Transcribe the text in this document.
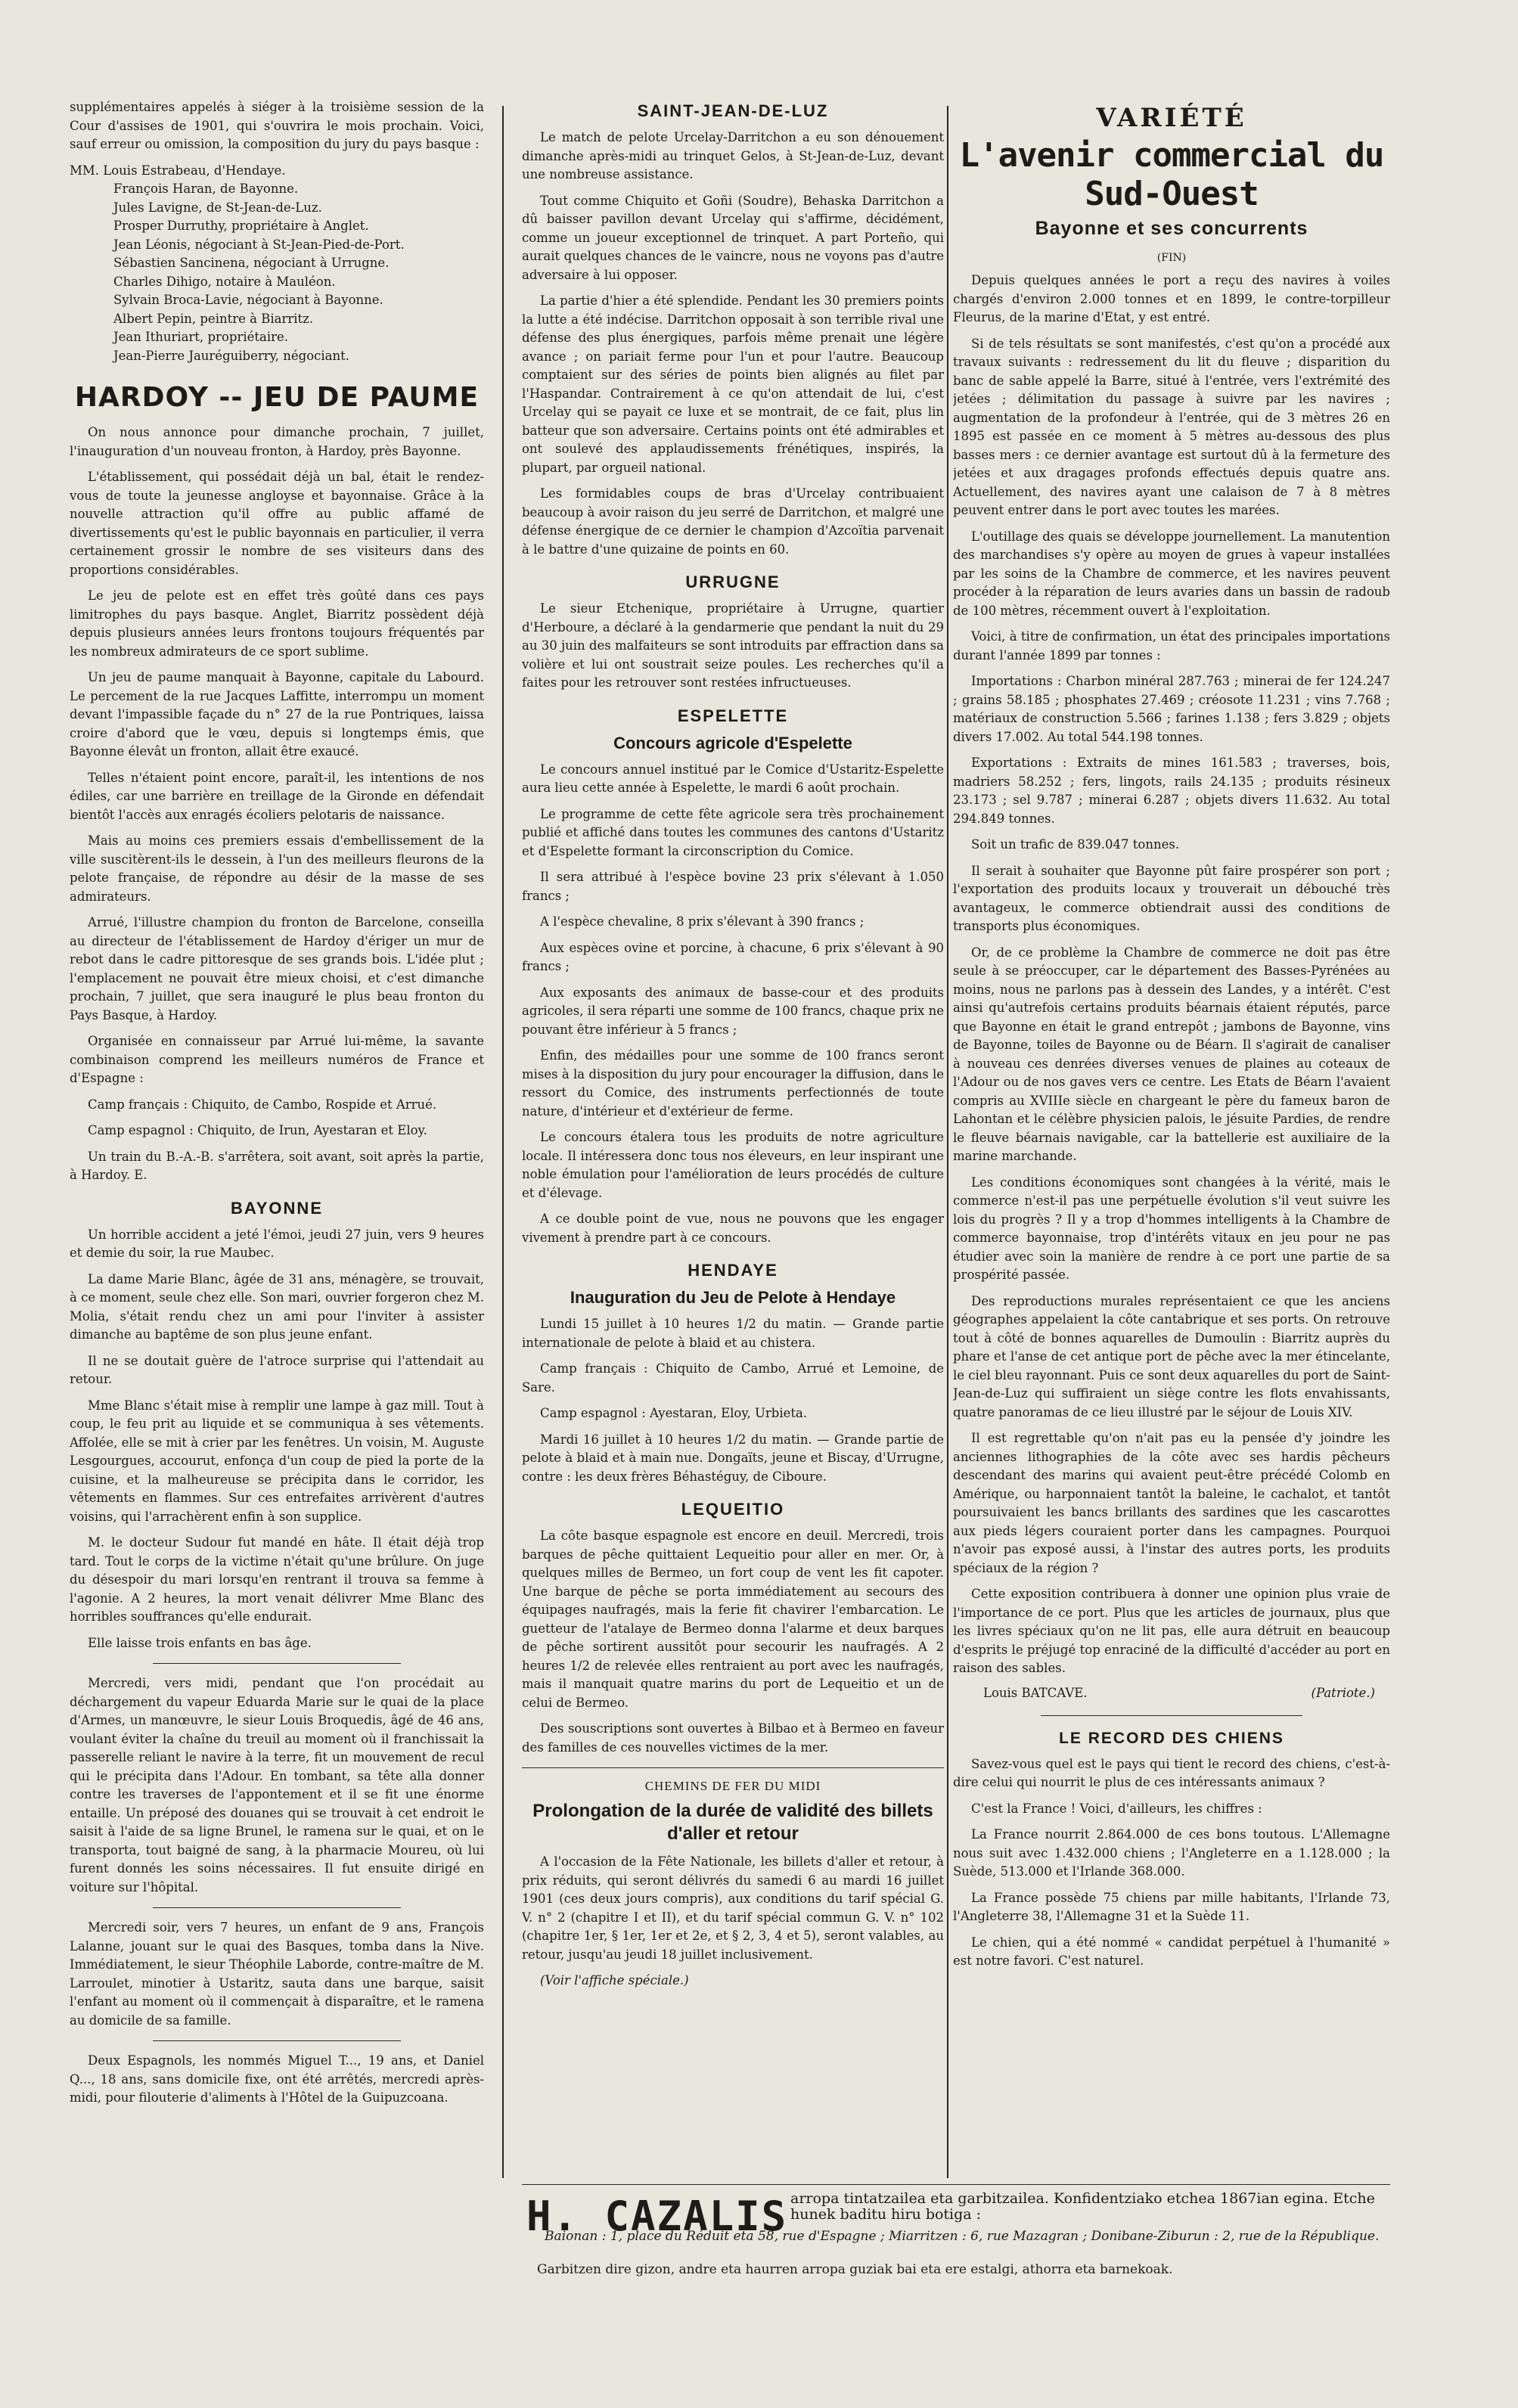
supplémentaires appelés à siéger à la troisième session de la Cour d'assises de 1901, qui s'ouvrira le mois prochain. Voici, sauf erreur ou omission, la composition du jury du pays basque :

MM. Louis Estrabeau, d'Hendaye.
François Haran, de Bayonne.
Jules Lavigne, de St-Jean-de-Luz.
Prosper Durruthy, propriétaire à Anglet.
Jean Léonis, négociant à St-Jean-Pied-de-Port.
Sébastien Sancinena, négociant à Urrugne.
Charles Dihigo, notaire à Mauléon.
Sylvain Broca-Lavie, négociant à Bayonne.
Albert Pepin, peintre à Biarritz.
Jean Ithuriart, propriétaire.
Jean-Pierre Jauréguiberry, négociant.
HARDOY -- JEU DE PAUME

On nous annonce pour dimanche prochain, 7 juillet, l'inauguration d'un nouveau fronton, à Hardoy, près Bayonne.

L'établissement, qui possédait déjà un bal, était le rendez-vous de toute la jeunesse angloyse et bayonnaise. Grâce à la nouvelle attraction qu'il offre au public affamé de divertissements qu'est le public bayonnais en particulier, il verra certainement grossir le nombre de ses visiteurs dans des proportions considérables.

Le jeu de pelote est en effet très goûté dans ces pays limitrophes du pays basque. Anglet, Biarritz possèdent déjà depuis plusieurs années leurs frontons toujours fréquentés par les nombreux admirateurs de ce sport sublime.

Un jeu de paume manquait à Bayonne, capitale du Labourd. Le percement de la rue Jacques Laffitte, interrompu un moment devant l'impassible façade du n° 27 de la rue Pontriques, laissa croire d'abord que le vœu, depuis si longtemps émis, que Bayonne élevât un fronton, allait être exaucé.

Telles n'étaient point encore, paraît-il, les intentions de nos édiles, car une barrière en treillage de la Gironde en défendait bientôt l'accès aux enragés écoliers pelotaris de naissance.

Mais au moins ces premiers essais d'embellissement de la ville suscitèrent-ils le dessein, à l'un des meilleurs fleurons de la pelote française, de répondre au désir de la masse de ses admirateurs.

Arrué, l'illustre champion du fronton de Barcelone, conseilla au directeur de l'établissement de Hardoy d'ériger un mur de rebot dans le cadre pittoresque de ses grands bois. L'idée plut ; l'emplacement ne pouvait être mieux choisi, et c'est dimanche prochain, 7 juillet, que sera inauguré le plus beau fronton du Pays Basque, à Hardoy.

Organisée en connaisseur par Arrué lui-même, la savante combinaison comprend les meilleurs numéros de France et d'Espagne :

Camp français : Chiquito, de Cambo, Rospide et Arrué.

Camp espagnol : Chiquito, de Irun, Ayestaran et Eloy.

Un train du B.-A.-B. s'arrêtera, soit avant, soit après la partie, à Hardoy. E.

BAYONNE

Un horrible accident a jeté l'émoi, jeudi 27 juin, vers 9 heures et demie du soir, la rue Maubec.

La dame Marie Blanc, âgée de 31 ans, ménagère, se trouvait, à ce moment, seule chez elle. Son mari, ouvrier forgeron chez M. Molia, s'était rendu chez un ami pour l'inviter à assister dimanche au baptême de son plus jeune enfant.

Il ne se doutait guère de l'atroce surprise qui l'attendait au retour.

Mme Blanc s'était mise à remplir une lampe à gaz mill. Tout à coup, le feu prit au liquide et se communiqua à ses vêtements. Affolée, elle se mit à crier par les fenêtres. Un voisin, M. Auguste Lesgourgues, accourut, enfonça d'un coup de pied la porte de la cuisine, et la malheureuse se précipita dans le corridor, les vêtements en flammes. Sur ces entrefaites arrivèrent d'autres voisins, qui l'arrachèrent enfin à son supplice.

M. le docteur Sudour fut mandé en hâte. Il était déjà trop tard. Tout le corps de la victime n'était qu'une brûlure. On juge du désespoir du mari lorsqu'en rentrant il trouva sa femme à l'agonie. A 2 heures, la mort venait délivrer Mme Blanc des horribles souffrances qu'elle endurait.

Elle laisse trois enfants en bas âge.

Mercredi, vers midi, pendant que l'on procédait au déchargement du vapeur Eduarda Marie sur le quai de la place d'Armes, un manœuvre, le sieur Louis Broquedis, âgé de 46 ans, voulant éviter la chaîne du treuil au moment où il franchissait la passerelle reliant le navire à la terre, fit un mouvement de recul qui le précipita dans l'Adour. En tombant, sa tête alla donner contre les traverses de l'appontement et il se fit une énorme entaille. Un préposé des douanes qui se trouvait à cet endroit le saisit à l'aide de sa ligne Brunel, le ramena sur le quai, et on le transporta, tout baigné de sang, à la pharmacie Moureu, où lui furent donnés les soins nécessaires. Il fut ensuite dirigé en voiture sur l'hôpital.

Mercredi soir, vers 7 heures, un enfant de 9 ans, François Lalanne, jouant sur le quai des Basques, tomba dans la Nive. Immédiatement, le sieur Théophile Laborde, contre-maître de M. Larroulet, minotier à Ustaritz, sauta dans une barque, saisit l'enfant au moment où il commençait à disparaître, et le ramena au domicile de sa famille.

Deux Espagnols, les nommés Miguel T..., 19 ans, et Daniel Q..., 18 ans, sans domicile fixe, ont été arrêtés, mercredi après-midi, pour filouterie d'aliments à l'Hôtel de la Guipuzcoana.

SAINT-JEAN-DE-LUZ

Le match de pelote Urcelay-Darritchon a eu son dénouement dimanche après-midi au trinquet Gelos, à St-Jean-de-Luz, devant une nombreuse assistance.

Tout comme Chiquito et Goñi (Soudre), Behaska Darritchon a dû baisser pavillon devant Urcelay qui s'affirme, décidément, comme un joueur exceptionnel de trinquet. A part Porteño, qui aurait quelques chances de le vaincre, nous ne voyons pas d'autre adversaire à lui opposer.

La partie d'hier a été splendide. Pendant les 30 premiers points la lutte a été indécise. Darritchon opposait à son terrible rival une défense des plus énergiques, parfois même prenait une légère avance ; on pariait ferme pour l'un et pour l'autre. Beaucoup comptaient sur des séries de points bien alignés au filet par l'Haspandar. Contrairement à ce qu'on attendait de lui, c'est Urcelay qui se payait ce luxe et se montrait, de ce fait, plus lin batteur que son adversaire. Certains points ont été admirables et ont soulevé des applaudissements frénétiques, inspirés, la plupart, par orgueil national.

Les formidables coups de bras d'Urcelay contribuaient beaucoup à avoir raison du jeu serré de Darritchon, et malgré une défense énergique de ce dernier le champion d'Azcoïtia parvenait à le battre d'une quizaine de points en 60.

URRUGNE

Le sieur Etchenique, propriétaire à Urrugne, quartier d'Herboure, a déclaré à la gendarmerie que pendant la nuit du 29 au 30 juin des malfaiteurs se sont introduits par effraction dans sa volière et lui ont soustrait seize poules. Les recherches qu'il a faites pour les retrouver sont restées infructueuses.

ESPELETTE
Concours agricole d'Espelette

Le concours annuel institué par le Comice d'Ustaritz-Espelette aura lieu cette année à Espelette, le mardi 6 août prochain.

Le programme de cette fête agricole sera très prochainement publié et affiché dans toutes les communes des cantons d'Ustaritz et d'Espelette formant la circonscription du Comice.

Il sera attribué à l'espèce bovine 23 prix s'élevant à 1.050 francs ;

A l'espèce chevaline, 8 prix s'élevant à 390 francs ;

Aux espèces ovine et porcine, à chacune, 6 prix s'élevant à 90 francs ;

Aux exposants des animaux de basse-cour et des produits agricoles, il sera réparti une somme de 100 francs, chaque prix ne pouvant être inférieur à 5 francs ;

Enfin, des médailles pour une somme de 100 francs seront mises à la disposition du jury pour encourager la diffusion, dans le ressort du Comice, des instruments perfectionnés de toute nature, d'intérieur et d'extérieur de ferme.

Le concours étalera tous les produits de notre agriculture locale. Il intéressera donc tous nos éleveurs, en leur inspirant une noble émulation pour l'amélioration de leurs procédés de culture et d'élevage.

A ce double point de vue, nous ne pouvons que les engager vivement à prendre part à ce concours.

HENDAYE
Inauguration du Jeu de Pelote à Hendaye

Lundi 15 juillet à 10 heures 1/2 du matin. — Grande partie internationale de pelote à blaid et au chistera.

Camp français : Chiquito de Cambo, Arrué et Lemoine, de Sare.

Camp espagnol : Ayestaran, Eloy, Urbieta.

Mardi 16 juillet à 10 heures 1/2 du matin. — Grande partie de pelote à blaid et à main nue. Dongaïts, jeune et Biscay, d'Urrugne, contre : les deux frères Béhastéguy, de Ciboure.

LEQUEITIO

La côte basque espagnole est encore en deuil. Mercredi, trois barques de pêche quittaient Lequeitio pour aller en mer. Or, à quelques milles de Bermeo, un fort coup de vent les fit capoter. Une barque de pêche se porta immédiatement au secours des équipages naufragés, mais la ferie fit chavirer l'embarcation. Le guetteur de l'atalaye de Bermeo donna l'alarme et deux barques de pêche sortirent aussitôt pour secourir les naufragés. A 2 heures 1/2 de relevée elles rentraient au port avec les naufragés, mais il manquait quatre marins du port de Lequeitio et un de celui de Bermeo.

Des souscriptions sont ouvertes à Bilbao et à Bermeo en faveur des familles de ces nouvelles victimes de la mer.

CHEMINS DE FER DU MIDI
Prolongation de la durée de validité des billets d'aller et retour

A l'occasion de la Fête Nationale, les billets d'aller et retour, à prix réduits, qui seront délivrés du samedi 6 au mardi 16 juillet 1901 (ces deux jours compris), aux conditions du tarif spécial G. V. n° 2 (chapitre I et II), et du tarif spécial commun G. V. n° 102 (chapitre 1er, § 1er, 1er et 2e, et § 2, 3, 4 et 5), seront valables, au retour, jusqu'au jeudi 18 juillet inclusivement.

(Voir l'affiche spéciale.)

VARIÉTÉ
L'avenir commercial du Sud-Ouest
Bayonne et ses concurrents
(FIN)

Depuis quelques années le port a reçu des navires à voiles chargés d'environ 2.000 tonnes et en 1899, le contre-torpilleur Fleurus, de la marine d'Etat, y est entré.

Si de tels résultats se sont manifestés, c'est qu'on a procédé aux travaux suivants : redressement du lit du fleuve ; disparition du banc de sable appelé la Barre, situé à l'entrée, vers l'extrémité des jetées ; délimitation du passage à suivre par les navires ; augmentation de la profondeur à l'entrée, qui de 3 mètres 26 en 1895 est passée en ce moment à 5 mètres au-dessous des plus basses mers : ce dernier avantage est surtout dû à la fermeture des jetées et aux dragages profonds effectués depuis quatre ans. Actuellement, des navires ayant une calaison de 7 à 8 mètres peuvent entrer dans le port avec toutes les marées.

L'outillage des quais se développe journellement. La manutention des marchandises s'y opère au moyen de grues à vapeur installées par les soins de la Chambre de commerce, et les navires peuvent procéder à la réparation de leurs avaries dans un bassin de radoub de 100 mètres, récemment ouvert à l'exploitation.

Voici, à titre de confirmation, un état des principales importations durant l'année 1899 par tonnes :

Importations : Charbon minéral 287.763 ; minerai de fer 124.247 ; grains 58.185 ; phosphates 27.469 ; créosote 11.231 ; vins 7.768 ; matériaux de construction 5.566 ; farines 1.138 ; fers 3.829 ; objets divers 17.002. Au total 544.198 tonnes.

Exportations : Extraits de mines 161.583 ; traverses, bois, madriers 58.252 ; fers, lingots, rails 24.135 ; produits résineux 23.173 ; sel 9.787 ; minerai 6.287 ; objets divers 11.632. Au total 294.849 tonnes.

Soit un trafic de 839.047 tonnes.

Il serait à souhaiter que Bayonne pût faire prospérer son port ; l'exportation des produits locaux y trouverait un débouché très avantageux, le commerce obtiendrait aussi des conditions de transports plus économiques.

Or, de ce problème la Chambre de commerce ne doit pas être seule à se préoccuper, car le département des Basses-Pyrénées au moins, nous ne parlons pas à dessein des Landes, y a intérêt. C'est ainsi qu'autrefois certains produits béarnais étaient réputés, parce que Bayonne en était le grand entrepôt ; jambons de Bayonne, vins de Bayonne, toiles de Bayonne ou de Béarn. Il s'agirait de canaliser à nouveau ces denrées diverses venues de plaines au coteaux de l'Adour ou de nos gaves vers ce centre. Les Etats de Béarn l'avaient compris au XVIIIe siècle en chargeant le père du fameux baron de Lahontan et le célèbre physicien palois, le jésuite Pardies, de rendre le fleuve béarnais navigable, car la battellerie est auxiliaire de la marine marchande.

Les conditions économiques sont changées à la vérité, mais le commerce n'est-il pas une perpétuelle évolution s'il veut suivre les lois du progrès ? Il y a trop d'hommes intelligents à la Chambre de commerce bayonnaise, trop d'intérêts vitaux en jeu pour ne pas étudier avec soin la manière de rendre à ce port une partie de sa prospérité passée.

Des reproductions murales représentaient ce que les anciens géographes appelaient la côte cantabrique et ses ports. On retrouve tout à côté de bonnes aquarelles de Dumoulin : Biarritz auprès du phare et l'anse de cet antique port de pêche avec la mer étincelante, le ciel bleu rayonnant. Puis ce sont deux aquarelles du port de Saint-Jean-de-Luz qui suffiraient un siège contre les flots envahissants, quatre panoramas de ce lieu illustré par le séjour de Louis XIV.

Il est regrettable qu'on n'ait pas eu la pensée d'y joindre les anciennes lithographies de la côte avec ses hardis pêcheurs descendant des marins qui avaient peut-être précédé Colomb en Amérique, ou harponnaient tantôt la baleine, le cachalot, et tantôt poursuivaient les bancs brillants des sardines que les cascarottes aux pieds légers couraient porter dans les campagnes. Pourquoi n'avoir pas exposé aussi, à l'instar des autres ports, les produits spéciaux de la région ?

Cette exposition contribuera à donner une opinion plus vraie de l'importance de ce port. Plus que les articles de journaux, plus que les livres spéciaux qu'on ne lit pas, elle aura détruit en beaucoup d'esprits le préjugé top enraciné de la difficulté d'accéder au port en raison des sables.

Louis BATCAVE.	(Patriote.)
LE RECORD DES CHIENS

Savez-vous quel est le pays qui tient le record des chiens, c'est-à-dire celui qui nourrit le plus de ces intéressants animaux ?

C'est la France ! Voici, d'ailleurs, les chiffres :

La France nourrit 2.864.000 de ces bons toutous. L'Allemagne nous suit avec 1.432.000 chiens ; l'Angleterre en a 1.128.000 ; la Suède, 513.000 et l'Irlande 368.000.

La France possède 75 chiens par mille habitants, l'Irlande 73, l'Angleterre 38, l'Allemagne 31 et la Suède 11.

Le chien, qui a été nommé « candidat perpétuel à l'humanité » est notre favori. C'est naturel.

H. CAZALIS arropa tintatzailea eta garbitzailea. Konfidentziako etchea 1867ian egina. Etche hunek baditu hiru botiga :
Baionan : 1, place du Réduit eta 58, rue d'Espagne ; Miarritzen : 6, rue Mazagran ; Donibane-Ziburun : 2, rue de la République.
Garbitzen dire gizon, andre eta haurren arropa guziak bai eta ere estalgi, athorra eta barnekoak.
